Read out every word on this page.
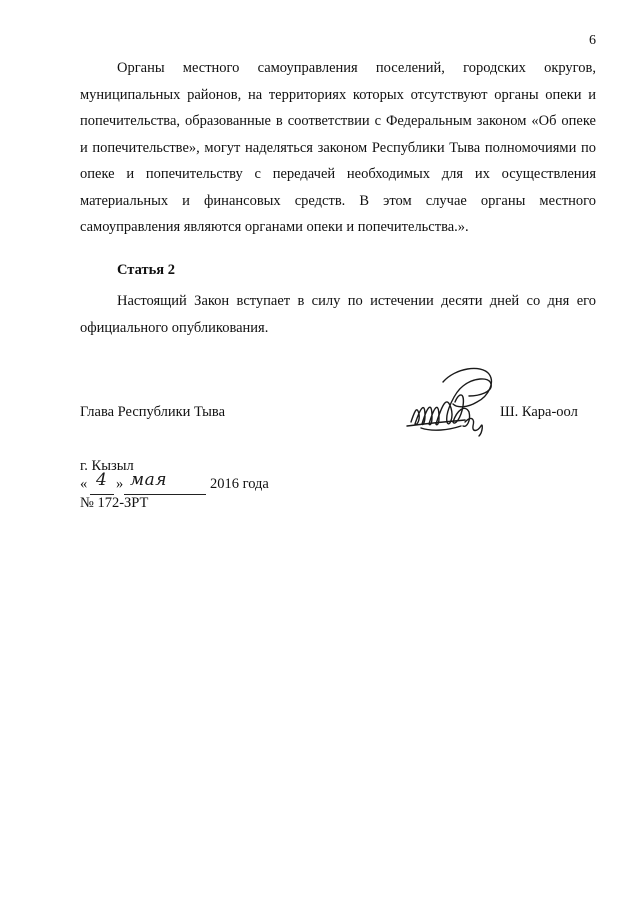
6

Органы местного самоуправления поселений, городских округов, муниципальных районов, на территориях которых отсутствуют органы опеки и попечительства, образованные в соответствии с Федеральным законом «Об опеке и попечительстве», могут наделяться законом Республики Тыва полномочиями по опеке и попечительству с передачей необходимых для их осуществления материальных и финансовых средств. В этом случае органы местного самоуправления являются органами опеки и попечительства.».

Статья 2

Настоящий Закон вступает в силу по истечении десяти дней со дня его официального опубликования.

Глава Республики Тыва	Ш. Кара-оол
г. Кызыл
« 4 » мая	2016 года
№ 172-ЗРТ
